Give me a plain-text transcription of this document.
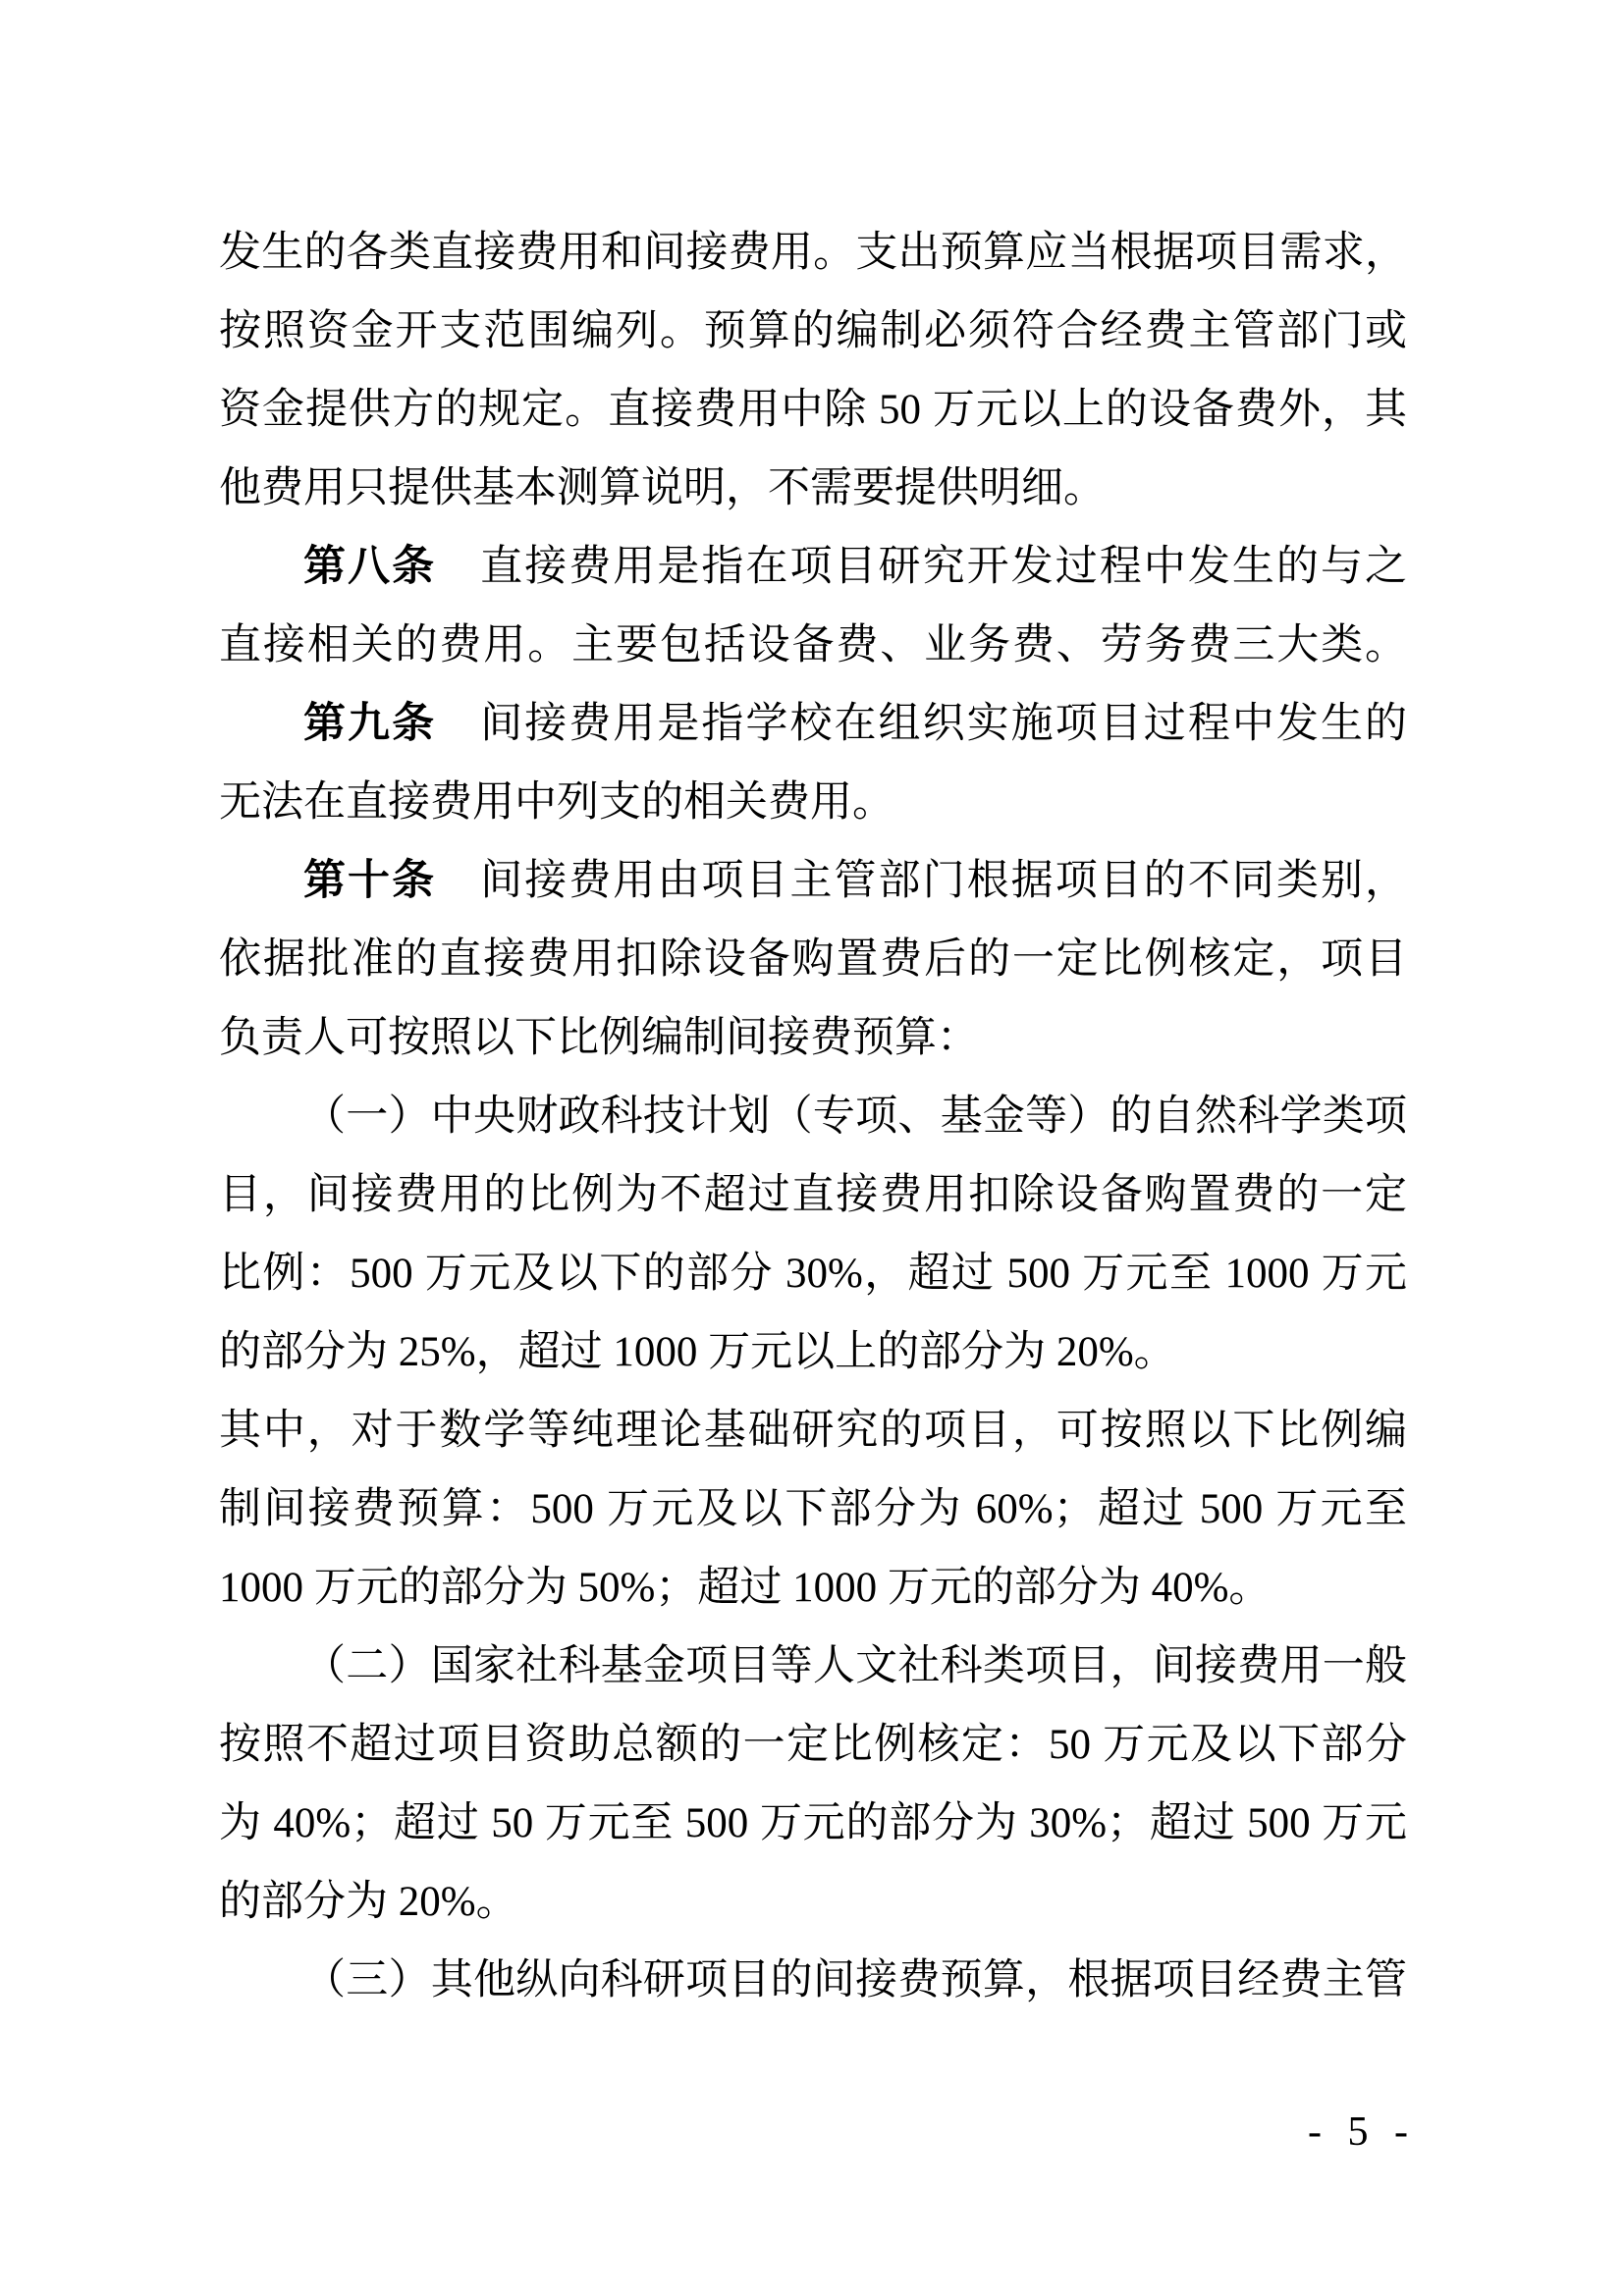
发生的各类直接费用和间接费用。支出预算应当根据项目需求，
按照资金开支范围编列。预算的编制必须符合经费主管部门或
资金提供方的规定。直接费用中除 50 万元以上的设备费外，其
他费用只提供基本测算说明，不需要提供明细。
第八条　直接费用是指在项目研究开发过程中发生的与之
直接相关的费用。主要包括设备费、业务费、劳务费三大类。
第九条　间接费用是指学校在组织实施项目过程中发生的
无法在直接费用中列支的相关费用。
第十条　间接费用由项目主管部门根据项目的不同类别，
依据批准的直接费用扣除设备购置费后的一定比例核定，项目
负责人可按照以下比例编制间接费预算：
（一）中央财政科技计划（专项、基金等）的自然科学类项
目，间接费用的比例为不超过直接费用扣除设备购置费的一定
比例：500 万元及以下的部分 30%，超过 500 万元至 1000 万元
的部分为 25%，超过 1000 万元以上的部分为 20%。
其中，对于数学等纯理论基础研究的项目，可按照以下比例编
制间接费预算：500 万元及以下部分为 60%；超过 500 万元至
1000 万元的部分为 50%；超过 1000 万元的部分为 40%。
（二）国家社科基金项目等人文社科类项目，间接费用一般
按照不超过项目资助总额的一定比例核定：50 万元及以下部分
为 40%；超过 50 万元至 500 万元的部分为 30%；超过 500 万元
的部分为 20%。
（三）其他纵向科研项目的间接费预算，根据项目经费主管
- 5 -
